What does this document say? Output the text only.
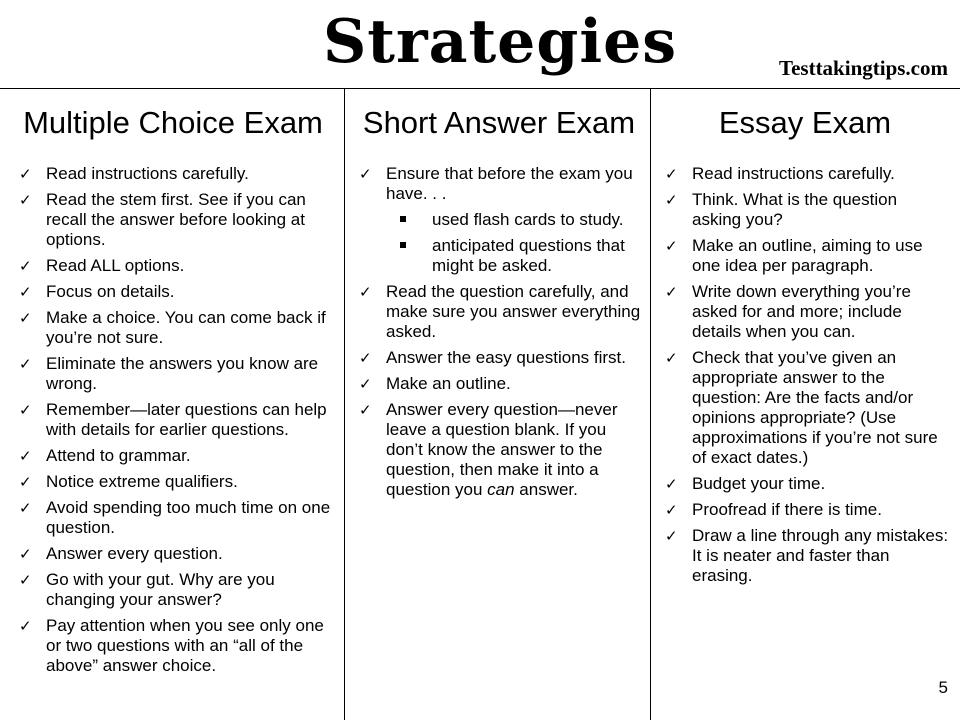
Strategies	Testtakingtips.com
Multiple Choice Exam
✓ Read instructions carefully.
✓ Read the stem first. See if you can recall the answer before looking at options.
✓ Read ALL options.
✓ Focus on details.
✓ Make a choice. You can come back if you’re not sure.
✓ Eliminate the answers you know are wrong.
✓ Remember—later questions can help with details for earlier questions.
✓ Attend to grammar.
✓ Notice extreme qualifiers.
✓ Avoid spending too much time on one question.
✓ Answer every question.
✓ Go with your gut. Why are you changing your answer?
✓ Pay attention when you see only one or two questions with an “all of the above” answer choice.
Short Answer Exam
✓ Ensure that before the exam you have. . .
used flash cards to study.
anticipated questions that might be asked.
✓ Read the question carefully, and make sure you answer everything asked.
✓ Answer the easy questions first.
✓ Make an outline.
✓ Answer every question—never leave a question blank. If you don’t know the answer to the question, then make it into a question you can answer.
Essay Exam
✓ Read instructions carefully.
✓ Think. What is the question asking you?
✓ Make an outline, aiming to use one idea per paragraph.
✓ Write down everything you’re asked for and more; include details when you can.
✓ Check that you’ve given an appropriate answer to the question: Are the facts and/or opinions appropriate? (Use approximations if you’re not sure of exact dates.)
✓ Budget your time.
✓ Proofread if there is time.
✓ Draw a line through any mistakes: It is neater and faster than erasing.
5
